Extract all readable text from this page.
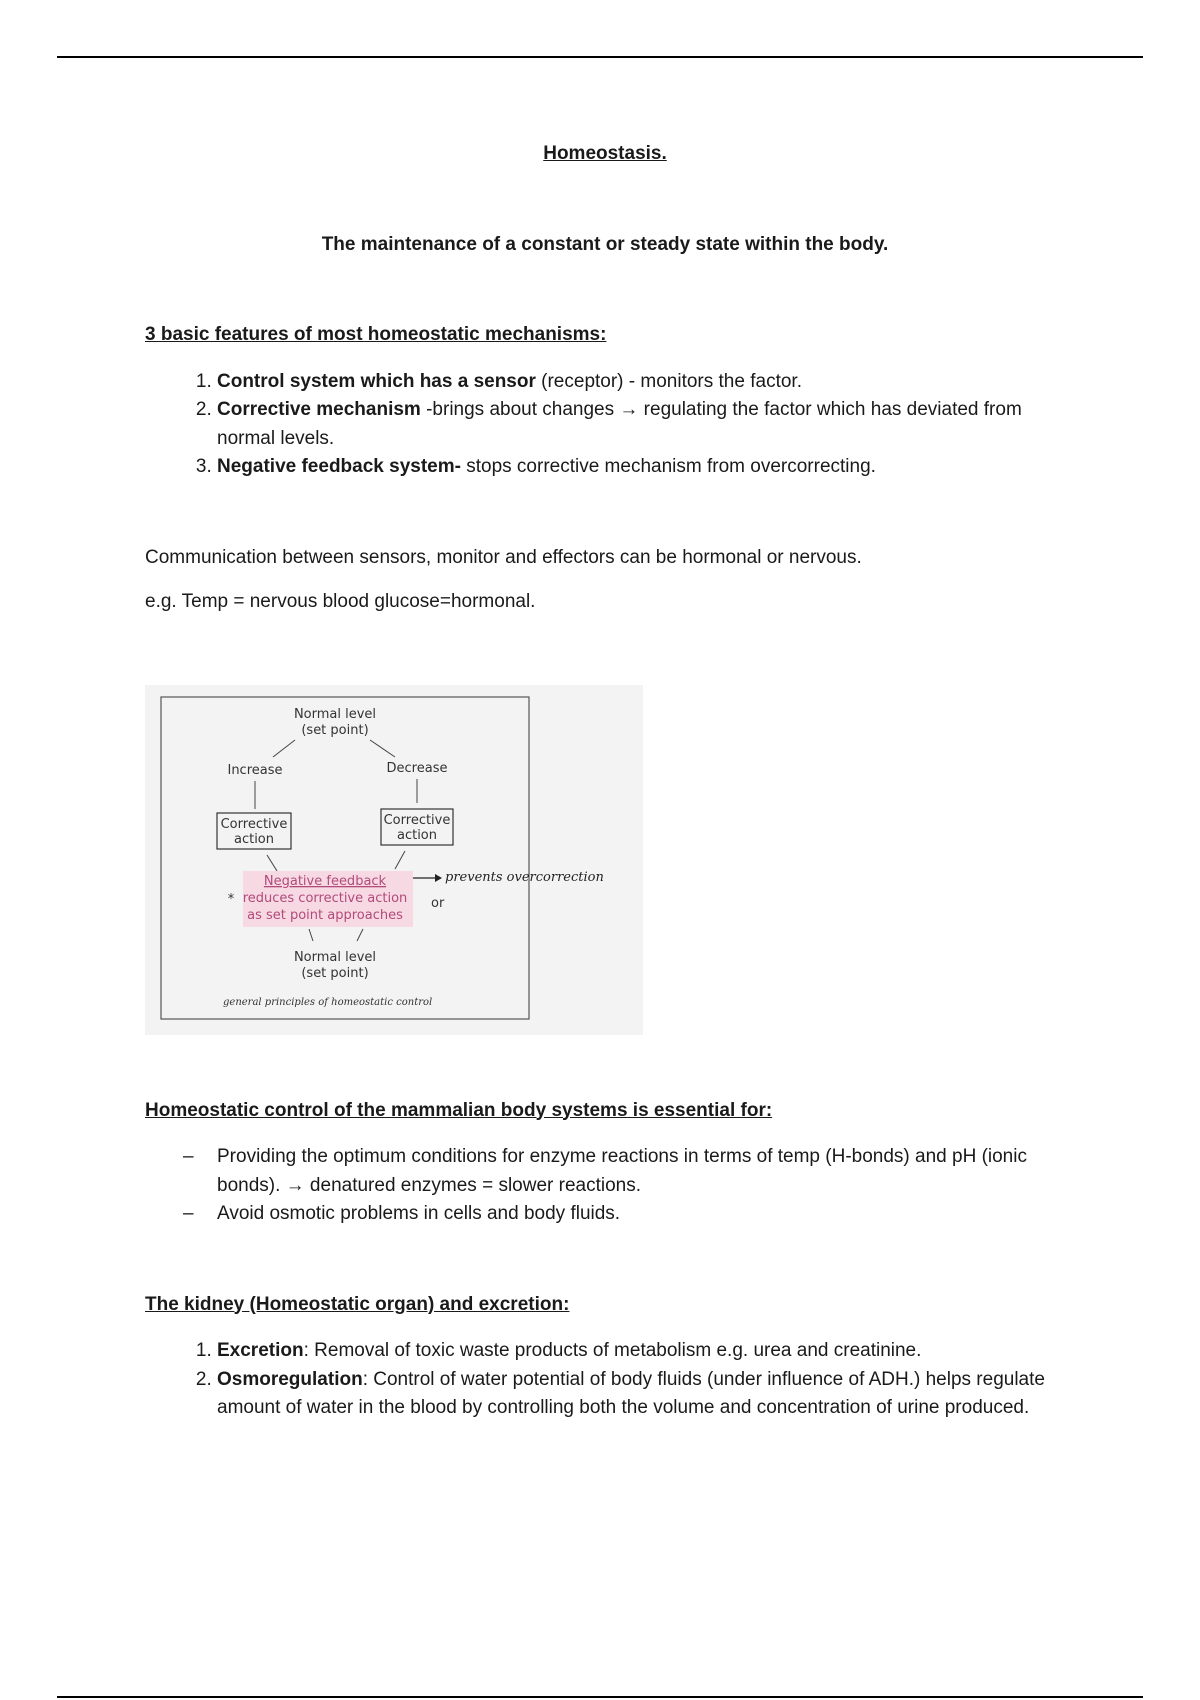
Homeostasis.

The maintenance of a constant or steady state within the body.

3 basic features of most homeostatic mechanisms:

1. Control system which has a sensor (receptor) - monitors the factor.
2. Corrective mechanism -brings about changes → regulating the factor which has deviated from normal levels.
3. Negative feedback system- stops corrective mechanism from overcorrecting.

Communication between sensors, monitor and effectors can be hormonal or nervous.

e.g. Temp = nervous blood glucose=hormonal.

Normal level
(set point)
Increase	Decrease
Corrective
action
Corrective
action
Negative feedback
reduces corrective action
as set point approaches
*
prevents overcorrection
or
Normal level
(set point)
general principles of homeostatic control

Homeostatic control of the mammalian body systems is essential for:

– Providing the optimum conditions for enzyme reactions in terms of temp (H-bonds) and pH (ionic bonds). → denatured enzymes = slower reactions.
– Avoid osmotic problems in cells and body fluids.

The kidney (Homeostatic organ) and excretion:

1. Excretion: Removal of toxic waste products of metabolism e.g. urea and creatinine.
2. Osmoregulation: Control of water potential of body fluids (under influence of ADH.) helps regulate amount of water in the blood by controlling both the volume and concentration of urine produced.
